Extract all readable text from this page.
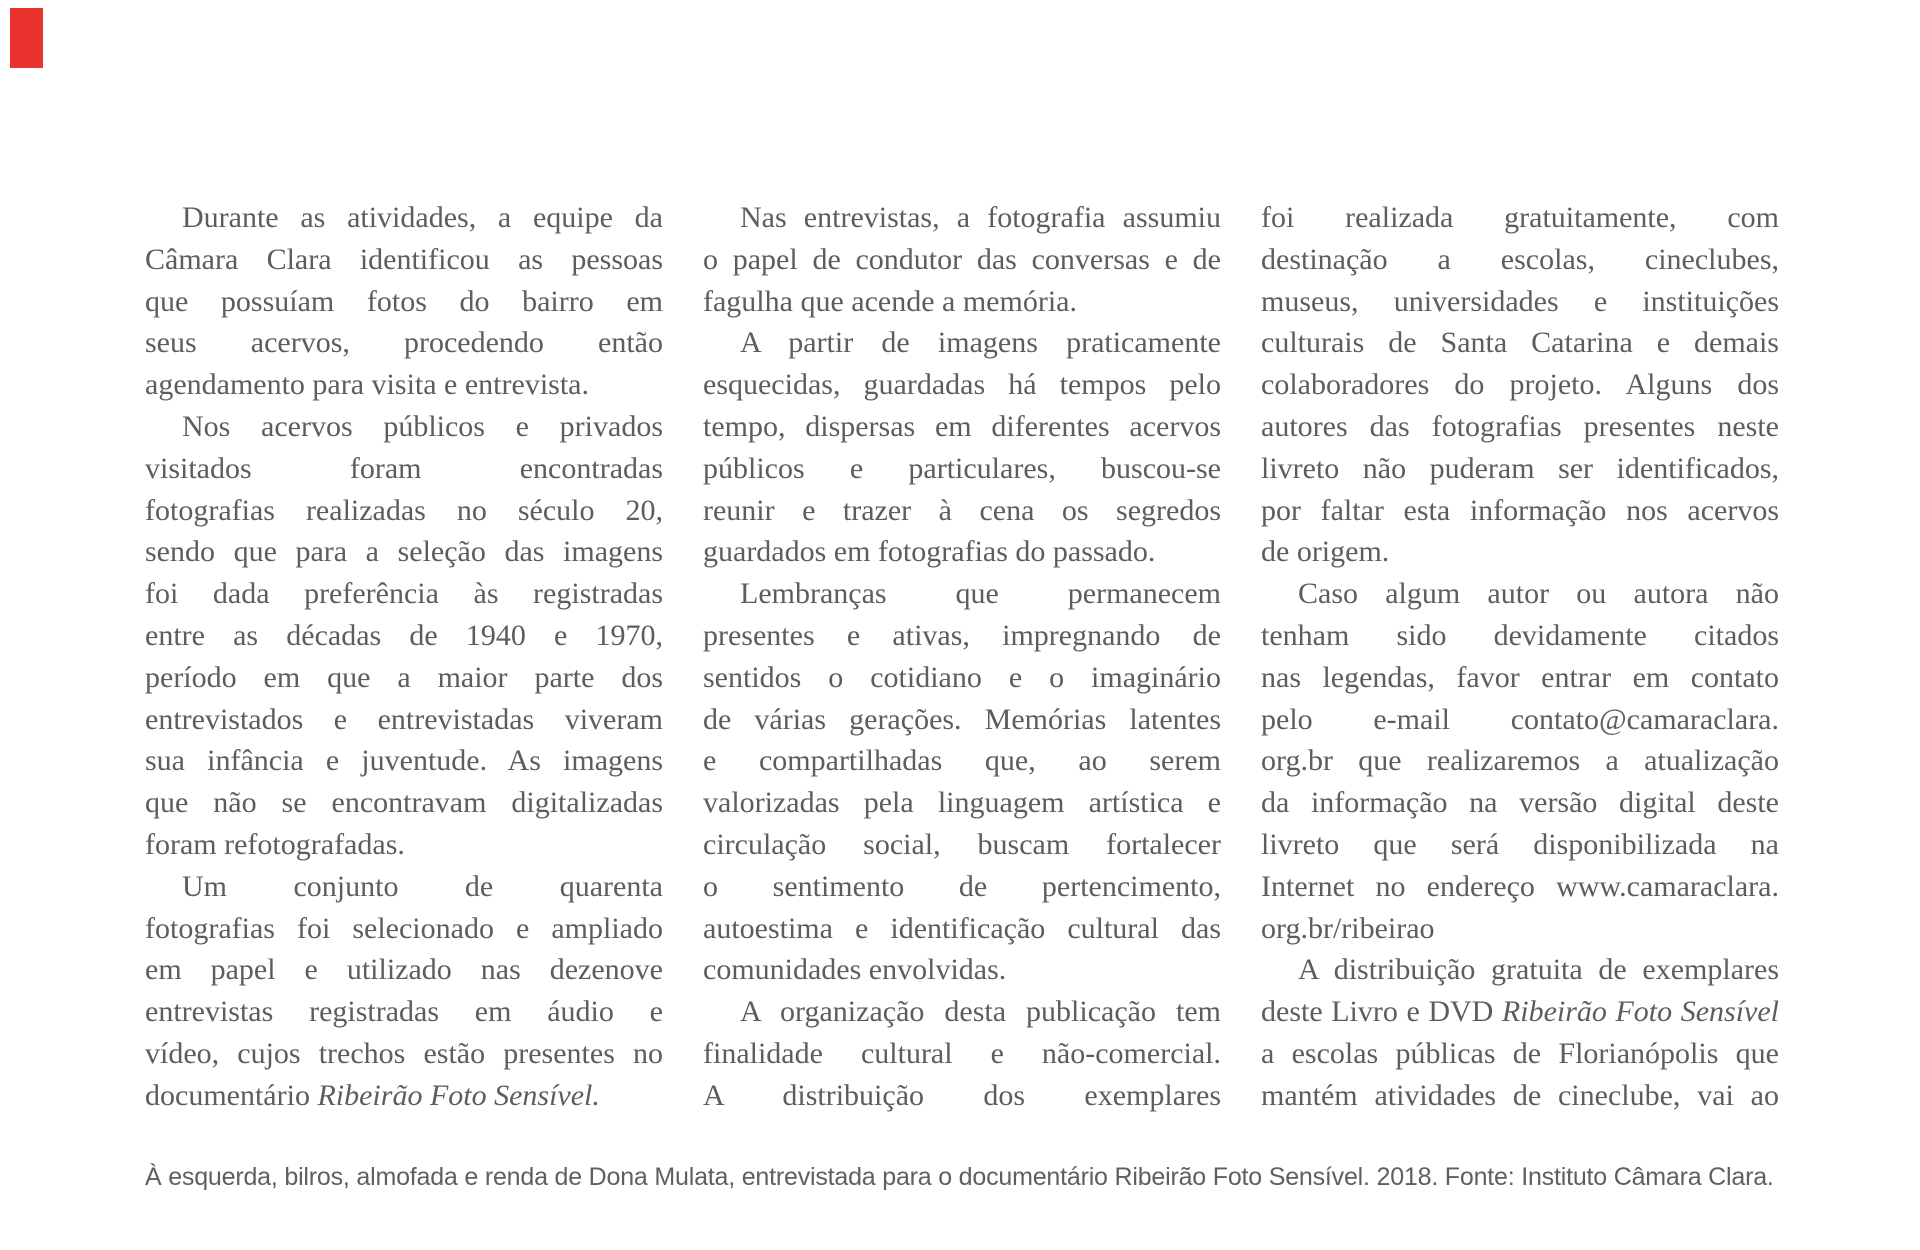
Durante as atividades, a equipe da
Câmara Clara identificou as pessoas
que possuíam fotos do bairro em
seus acervos, procedendo então
agendamento para visita e entrevista.
Nos acervos públicos e privados
visitados foram encontradas
fotografias realizadas no século 20,
sendo que para a seleção das imagens
foi dada preferência às registradas
entre as décadas de 1940 e 1970,
período em que a maior parte dos
entrevistados e entrevistadas viveram
sua infância e juventude. As imagens
que não se encontravam digitalizadas
foram refotografadas.
Um conjunto de quarenta
fotografias foi selecionado e ampliado
em papel e utilizado nas dezenove
entrevistas registradas em áudio e
vídeo, cujos trechos estão presentes no
documentário Ribeirão Foto Sensível.
Nas entrevistas, a fotografia assumiu
o papel de condutor das conversas e de
fagulha que acende a memória.
A partir de imagens praticamente
esquecidas, guardadas há tempos pelo
tempo, dispersas em diferentes acervos
públicos e particulares, buscou-se
reunir e trazer à cena os segredos
guardados em fotografias do passado.
Lembranças que permanecem
presentes e ativas, impregnando de
sentidos o cotidiano e o imaginário
de várias gerações. Memórias latentes
e compartilhadas que, ao serem
valorizadas pela linguagem artística e
circulação social, buscam fortalecer
o sentimento de pertencimento,
autoestima e identificação cultural das
comunidades envolvidas.
A organização desta publicação tem
finalidade cultural e não-comercial.
A distribuição dos exemplares
foi realizada gratuitamente, com
destinação a escolas, cineclubes,
museus, universidades e instituições
culturais de Santa Catarina e demais
colaboradores do projeto. Alguns dos
autores das fotografias presentes neste
livreto não puderam ser identificados,
por faltar esta informação nos acervos
de origem.
Caso algum autor ou autora não
tenham sido devidamente citados
nas legendas, favor entrar em contato
pelo e-mail contato@camaraclara.
org.br que realizaremos a atualização
da informação na versão digital deste
livreto que será disponibilizada na
Internet no endereço www.camaraclara.
org.br/ribeirao
A distribuição gratuita de exemplares
deste Livro e DVD Ribeirão Foto Sensível
a escolas públicas de Florianópolis que
mantém atividades de cineclube, vai ao

À esquerda, bilros, almofada e renda de Dona Mulata, entrevistada para o documentário Ribeirão Foto Sensível. 2018. Fonte: Instituto Câmara Clara.
